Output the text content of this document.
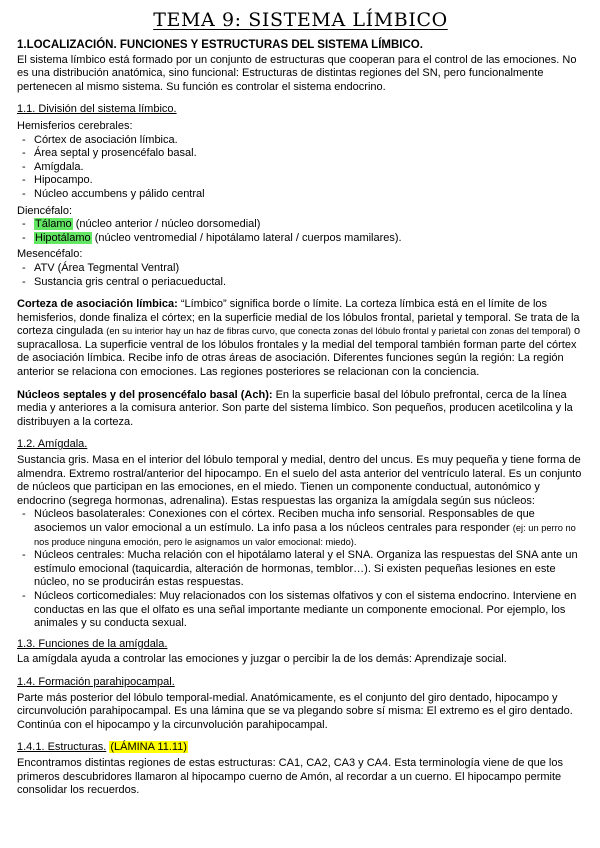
TEMA 9: SISTEMA LÍMBICO
1.LOCALIZACIÓN. FUNCIONES Y ESTRUCTURAS DEL SISTEMA LÍMBICO.

El sistema límbico está formado por un conjunto de estructuras que cooperan para el control de las emociones. No es una distribución anatómica, sino funcional: Estructuras de distintas regiones del SN, pero funcionalmente pertenecen al mismo sistema. Su función es controlar el sistema endocrino.

1.1. División del sistema límbico.
Hemisferios cerebrales:
- Córtex de asociación límbica.
- Área septal y prosencéfalo basal.
- Amígdala.
- Hipocampo.
- Núcleo accumbens y pálido central
Diencéfalo:
- Tálamo (núcleo anterior / núcleo dorsomedial)
- Hipotálamo (núcleo ventromedial / hipotálamo lateral / cuerpos mamilares).
Mesencéfalo:
- ATV (Área Tegmental Ventral)
- Sustancia gris central o periacueductal.

Corteza de asociación límbica: “Límbico” significa borde o límite. La corteza límbica está en el límite de los hemisferios, donde finaliza el córtex; en la superficie medial de los lóbulos frontal, parietal y temporal. Se trata de la corteza cingulada (en su interior hay un haz de fibras curvo, que conecta zonas del lóbulo frontal y parietal con zonas del temporal) o supracallosa. La superficie ventral de los lóbulos frontales y la medial del temporal también forman parte del córtex de asociación límbica. Recibe info de otras áreas de asociación. Diferentes funciones según la región: La región anterior se relaciona con emociones. Las regiones posteriores se relacionan con la conciencia.

Núcleos septales y del prosencéfalo basal (Ach): En la superficie basal del lóbulo prefrontal, cerca de la línea media y anteriores a la comisura anterior. Son parte del sistema límbico. Son pequeños, producen acetilcolina y la distribuyen a la corteza.

1.2. Amígdala.
Sustancia gris. Masa en el interior del lóbulo temporal y medial, dentro del uncus. Es muy pequeña y tiene forma de almendra. Extremo rostral/anterior del hipocampo. En el suelo del asta anterior del ventrículo lateral. Es un conjunto de núcleos que participan en las emociones, en el miedo. Tienen un componente conductual, autonómico y endocrino (segrega hormonas, adrenalina). Estas respuestas las organiza la amígdala según sus núcleos:
- Núcleos basolaterales: Conexiones con el córtex. Reciben mucha info sensorial. Responsables de que asociemos un valor emocional a un estímulo. La info pasa a los núcleos centrales para responder (ej: un perro no nos produce ninguna emoción, pero le asignamos un valor emocional: miedo).
- Núcleos centrales: Mucha relación con el hipotálamo lateral y el SNA. Organiza las respuestas del SNA ante un estímulo emocional (taquicardia, alteración de hormonas, temblor…). Si existen pequeñas lesiones en este núcleo, no se producirán estas respuestas.
- Núcleos corticomediales: Muy relacionados con los sistemas olfativos y con el sistema endocrino. Interviene en conductas en las que el olfato es una señal importante mediante un componente emocional. Por ejemplo, los animales y su conducta sexual.
1.3. Funciones de la amígdala.

La amígdala ayuda a controlar las emociones y juzgar o percibir la de los demás: Aprendizaje social.

1.4. Formación parahipocampal.

Parte más posterior del lóbulo temporal-medial. Anatómicamente, es el conjunto del giro dentado, hipocampo y circunvolución parahipocampal. Es una lámina que se va plegando sobre sí misma: El extremo es el giro dentado. Continúa con el hipocampo y la circunvolución parahipocampal.

1.4.1. Estructuras. (LÁMINA 11.11)

Encontramos distintas regiones de estas estructuras: CA1, CA2, CA3 y CA4. Esta terminología viene de que los primeros descubridores llamaron al hipocampo cuerno de Amón, al recordar a un cuerno. El hipocampo permite consolidar los recuerdos.
